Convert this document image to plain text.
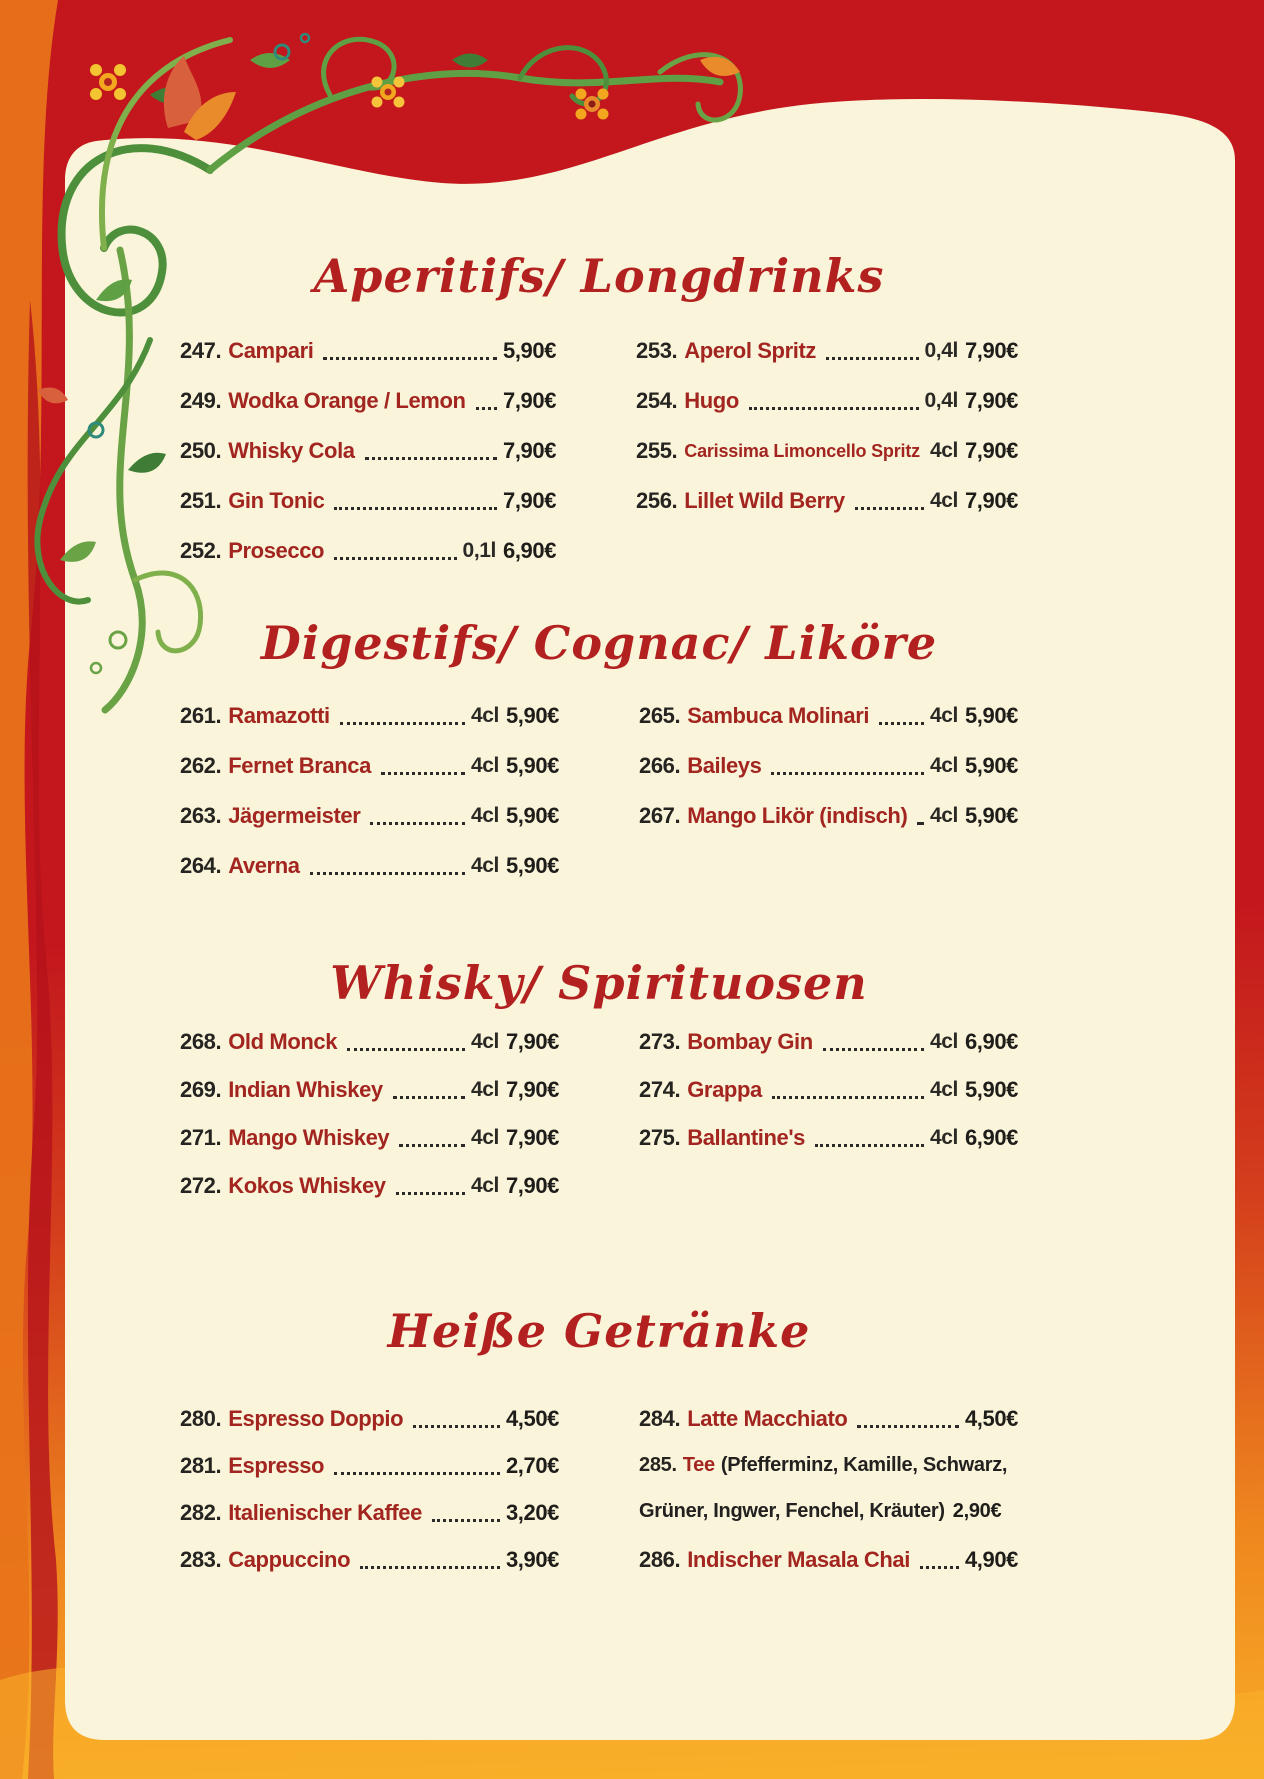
Aperitifs/ Longdrinks
247. Campari	5,90€
249. Wodka Orange / Lemon 7,90€
250. Whisky Cola	7,90€
251. Gin Tonic	7,90€
252. Prosecco	0,1l 6,90€
253. Aperol Spritz	0,4l 7,90€
254. Hugo	0,4l 7,90€
255. Carissima Limoncello Spritz 4cl 7,90€
256. Lillet Wild Berry	4cl 7,90€
Digestifs/ Cognac/ Liköre
261. Ramazotti	4cl 5,90€
262. Fernet Branca	4cl 5,90€
263. Jägermeister	4cl 5,90€
264. Averna	4cl 5,90€
265. Sambuca Molinari	4cl 5,90€
266. Baileys	4cl 5,90€
267. Mango Likör (indisch) 4cl 5,90€
Whisky/ Spirituosen
268. Old Monck	4cl 7,90€
269. Indian Whiskey	4cl 7,90€
271. Mango Whiskey	4cl 7,90€
272. Kokos Whiskey	4cl 7,90€
273. Bombay Gin	4cl 6,90€
274. Grappa	4cl 5,90€
275. Ballantine's	4cl 6,90€
Heiße Getränke
280. Espresso Doppio	4,50€
281. Espresso	2,70€
282. Italienischer Kaffee	3,20€
283. Cappuccino	3,90€
284. Latte Macchiato	4,50€
285. Tee (Pfefferminz, Kamille, Schwarz, Grüner, Ingwer, Fenchel, Kräuter) 2,90€
286. Indischer Masala Chai	4,90€
